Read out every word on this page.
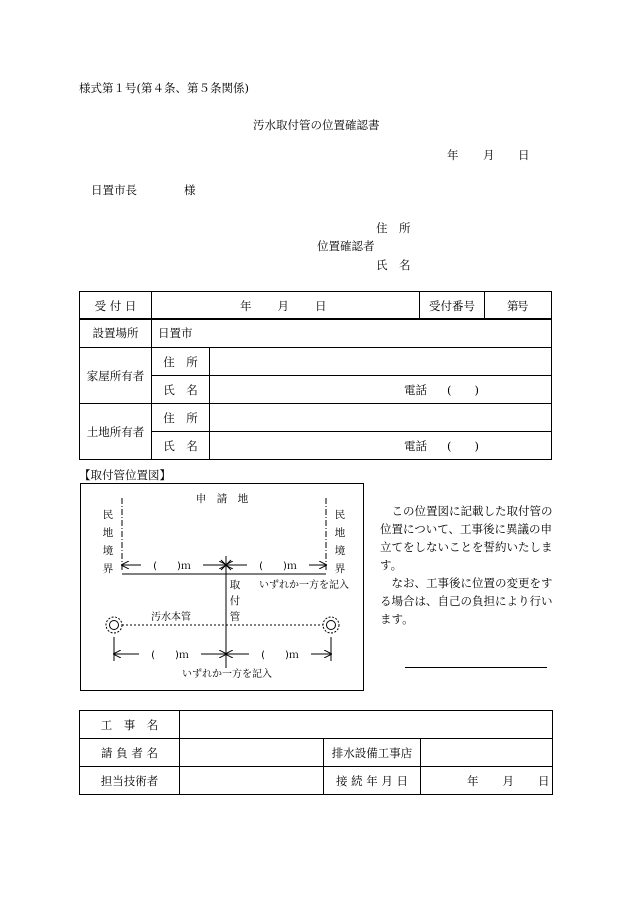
様式第１号(第４条、第５条関係)
汚水取付管の位置確認書
年 月 日
日置市長	様
住　所
位置確認者
氏　名
受 付 日	年 月 日	受付番号	第
設置場所	日置市	
家屋所有者	住　所	
	氏　名	電話 (　　)
土地所有者	住　所	
	氏　名	電話 (　　)
号
【取付管位置図】
申　請　地
民
地
境
界
民
地
境
界
(　　)ｍ	(　　)ｍ
取
付
管
いずれか一方を記入
汚水本管
(　　)ｍ	(　　)ｍ
いずれか一方を記入

この位置図に記載した取付管の位置について、工事後に異議の申立てをしないことを誓約いたします。

なお、工事後に位置の変更をする場合は、自己の負担により行います。

工　事　名			
請 負 者 名		排水設備工事店	
担当技術者		接 続 年 月 日	年 月 日
